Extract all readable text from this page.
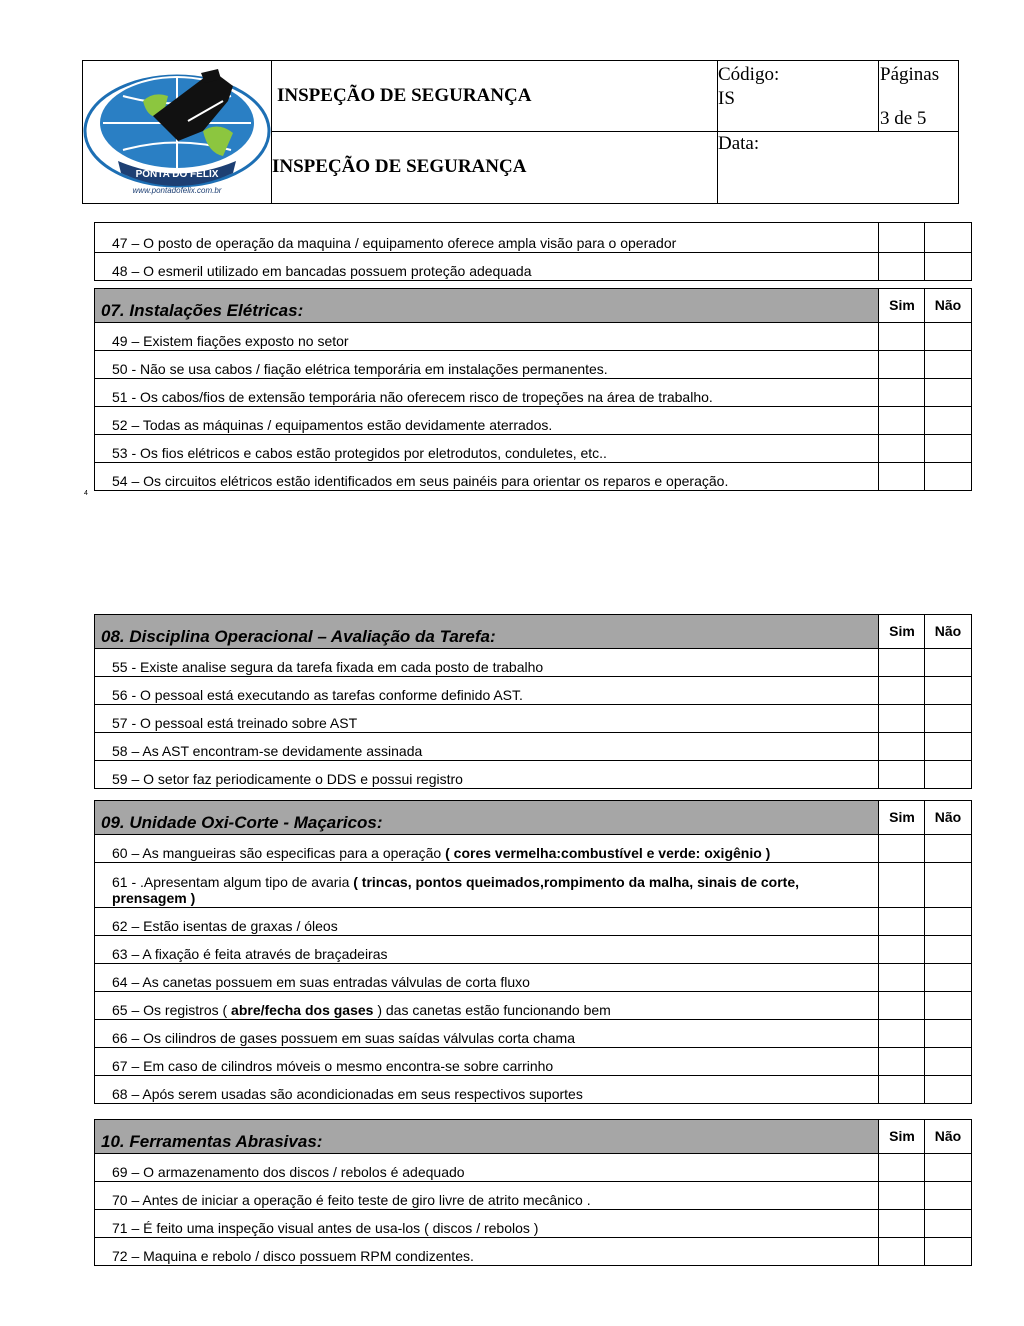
PONTA DO FELIX
www.pontadofelix.com.br
INSPEÇÃO DE SEGURANÇA
INSPEÇÃO DE SEGURANÇA
Código:
IS
Páginas
3 de 5
Data:
47 – O posto de operação da maquina / equipamento oferece ampla visão para o operador
48 – O esmeril utilizado em bancadas possuem proteção adequada
07. Instalações Elétricas:	Sim	Não
49 – Existem fiações exposto no setor
50 - Não se usa cabos / fiação elétrica temporária em instalações permanentes.
51 - Os cabos/fios de extensão temporária não oferecem risco de tropeções na área de trabalho.
52 – Todas as máquinas / equipamentos estão devidamente aterrados.
53 - Os fios elétricos e cabos estão protegidos por eletrodutos, conduletes, etc..
54 – Os circuitos elétricos estão identificados em seus painéis para orientar os reparos e operação.
4
08. Disciplina Operacional – Avaliação da Tarefa:	Sim	Não
55 - Existe analise segura da tarefa fixada em cada posto de trabalho
56 - O pessoal está executando as tarefas conforme definido AST.
57 - O pessoal está treinado sobre AST
58 – As AST encontram-se devidamente assinada
59 – O setor faz periodicamente o DDS e possui registro
09. Unidade Oxi-Corte - Maçaricos:	Sim	Não
60 – As mangueiras são especificas para a operação ( cores vermelha:combustível e verde: oxigênio )
61 - .Apresentam algum tipo de avaria ( trincas, pontos queimados,rompimento da malha, sinais de corte, prensagem )
62 – Estão isentas de graxas / óleos
63 – A fixação é feita através de braçadeiras
64 – As canetas possuem em suas entradas válvulas de corta fluxo
65 – Os registros ( abre/fecha dos gases ) das canetas estão funcionando bem
66 – Os cilindros de gases possuem em suas saídas válvulas corta chama
67 – Em caso de cilindros móveis o mesmo encontra-se sobre carrinho
68 – Após serem usadas são acondicionadas em seus respectivos suportes
10. Ferramentas Abrasivas:	Sim	Não
69 – O armazenamento dos discos / rebolos é adequado
70 – Antes de iniciar a operação é feito teste de giro livre de atrito mecânico .
71 – É feito uma inspeção visual antes de usa-los ( discos / rebolos )
72 – Maquina e rebolo / disco possuem RPM condizentes.
